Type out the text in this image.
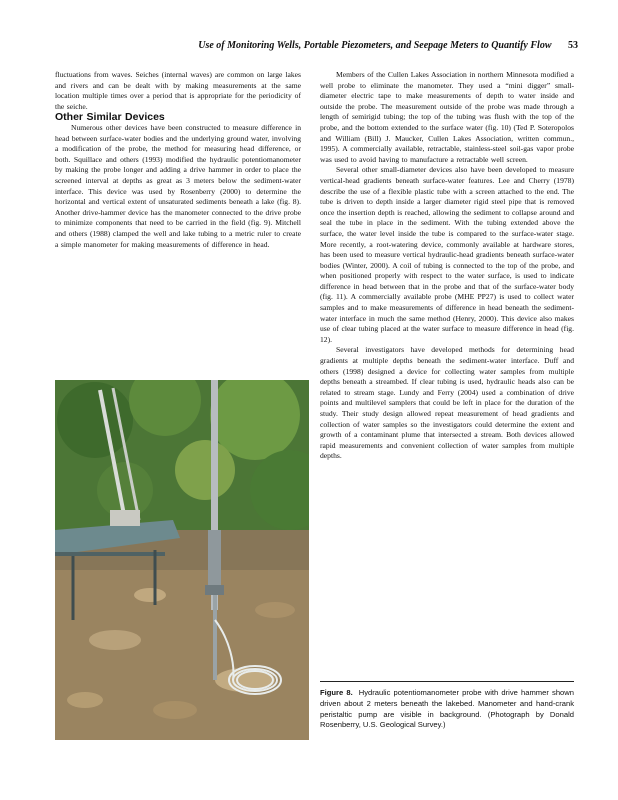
Use of Monitoring Wells, Portable Piezometers, and Seepage Meters to Quantify Flow 53

fluctuations from waves. Seiches (internal waves) are common on large lakes and rivers and can be dealt with by making measurements at the same location multiple times over a period that is appropriate for the periodicity of the seiche.

Other Similar Devices

Numerous other devices have been constructed to measure difference in head between surface-water bodies and the underlying ground water, involving a modification of the probe, the method for measuring head difference, or both. Squillace and others (1993) modified the hydraulic potentiomanometer by making the probe longer and adding a drive hammer in order to place the screened interval at depths as great as 3 meters below the sediment-water interface. This device was used by Rosenberry (2000) to determine the horizontal and vertical extent of unsaturated sediments beneath a lake (fig. 8). Another drive-hammer device has the manometer connected to the drive probe to minimize components that need to be carried in the field (fig. 9). Mitchell and others (1988) clamped the well and lake tubing to a metric ruler to create a simple manometer for making measurements of difference in head.

Members of the Cullen Lakes Association in northern Minnesota modified a well probe to eliminate the manometer. They used a “mini digger” small-diameter electric tape to make measurements of depth to water inside and outside the probe. The measurement outside of the probe was made through a length of semirigid tubing; the top of the tubing was flush with the top of the probe, and the bottom extended to the surface water (fig. 10) (Ted P. Soteropolos and William (Bill) J. Maucker, Cullen Lakes Association, written commun., 1995). A commercially available, retractable, stainless-steel soil-gas vapor probe was used to avoid having to manufacture a retractable well screen.

Several other small-diameter devices also have been developed to measure vertical-head gradients beneath surface-water features. Lee and Cherry (1978) describe the use of a flexible plastic tube with a screen attached to the end. The tube is driven to depth inside a larger diameter rigid steel pipe that is removed once the insertion depth is reached, allowing the sediment to collapse around and seal the tube in place in the sediment. With the tubing extended above the surface, the water level inside the tube is compared to the surface-water stage. More recently, a root-watering device, commonly available at hardware stores, has been used to measure vertical hydraulic-head gradients beneath surface-water bodies (Winter, 2000). A coil of tubing is connected to the top of the probe, and when positioned properly with respect to the water surface, is used to indicate difference in head between that in the probe and that of the surface-water body (fig. 11). A commercially available probe (MHE PP27) is used to collect water samples and to make measurements of difference in head beneath the sediment-water interface in much the same method (Henry, 2000). This device also makes use of clear tubing placed at the water surface to measure difference in head (fig. 12).

Several investigators have developed methods for determining head gradients at multiple depths beneath the sediment-water interface. Duff and others (1998) designed a device for collecting water samples from multiple depths beneath a streambed. If clear tubing is used, hydraulic heads also can be related to stream stage. Lundy and Ferry (2004) used a combination of drive points and multilevel samplers that could be left in place for the duration of the study. Their study design allowed repeat measurement of head gradients and collection of water samples so the investigators could determine the extent and growth of a contaminant plume that intersected a stream. Both devices allowed rapid measurements and convenient collection of water samples from multiple depths.

Figure 8. Hydraulic potentiomanometer probe with drive hammer shown driven about 2 meters beneath the lakebed. Manometer and hand-crank peristaltic pump are visible in background. (Photograph by Donald Rosenberry, U.S. Geological Survey.)
